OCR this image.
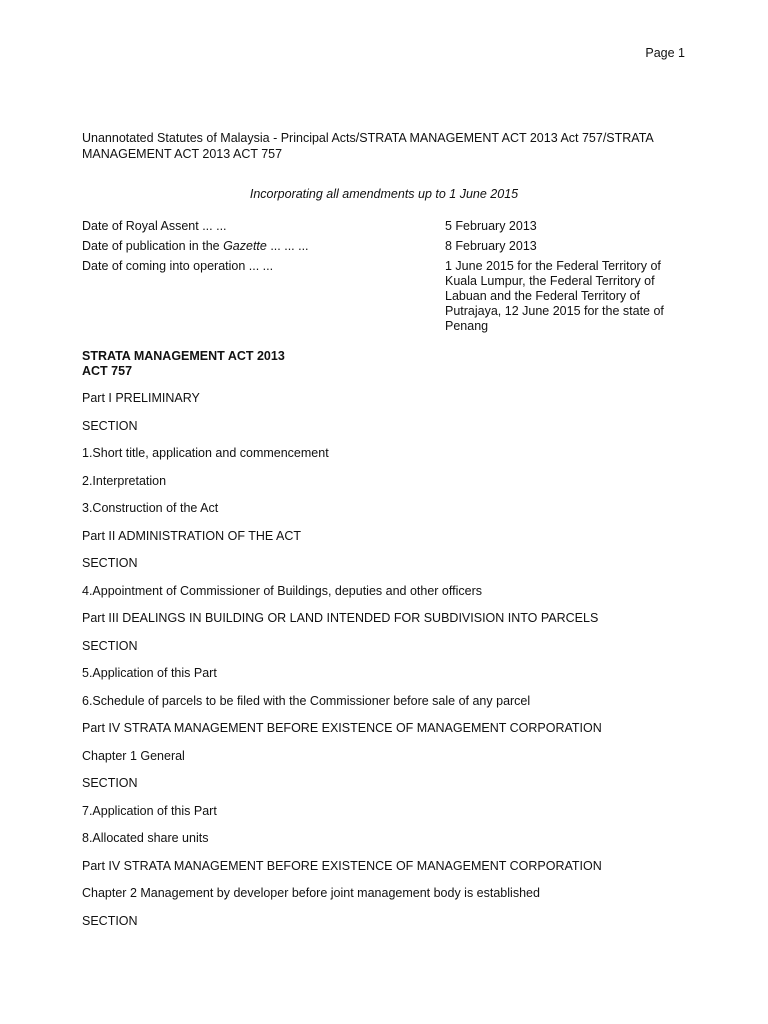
Page 1
Unannotated Statutes of Malaysia - Principal Acts/STRATA MANAGEMENT ACT 2013 Act 757/STRATA MANAGEMENT ACT 2013 ACT 757
Incorporating all amendments up to 1 June 2015
Date of Royal Assent ... ...	5 February 2013
Date of publication in the Gazette ... ... ...	8 February 2013
Date of coming into operation ... ...	1 June 2015 for the Federal Territory of Kuala Lumpur, the Federal Territory of Labuan and the Federal Territory of Putrajaya, 12 June 2015 for the state of Penang
STRATA MANAGEMENT ACT 2013
ACT 757
Part I PRELIMINARY
SECTION
1.Short title, application and commencement
2.Interpretation
3.Construction of the Act
Part II ADMINISTRATION OF THE ACT
SECTION
4.Appointment of Commissioner of Buildings, deputies and other officers
Part III DEALINGS IN BUILDING OR LAND INTENDED FOR SUBDIVISION INTO PARCELS
SECTION
5.Application of this Part
6.Schedule of parcels to be filed with the Commissioner before sale of any parcel
Part IV STRATA MANAGEMENT BEFORE EXISTENCE OF MANAGEMENT CORPORATION
Chapter 1 General
SECTION
7.Application of this Part
8.Allocated share units
Part IV STRATA MANAGEMENT BEFORE EXISTENCE OF MANAGEMENT CORPORATION
Chapter 2 Management by developer before joint management body is established
SECTION
